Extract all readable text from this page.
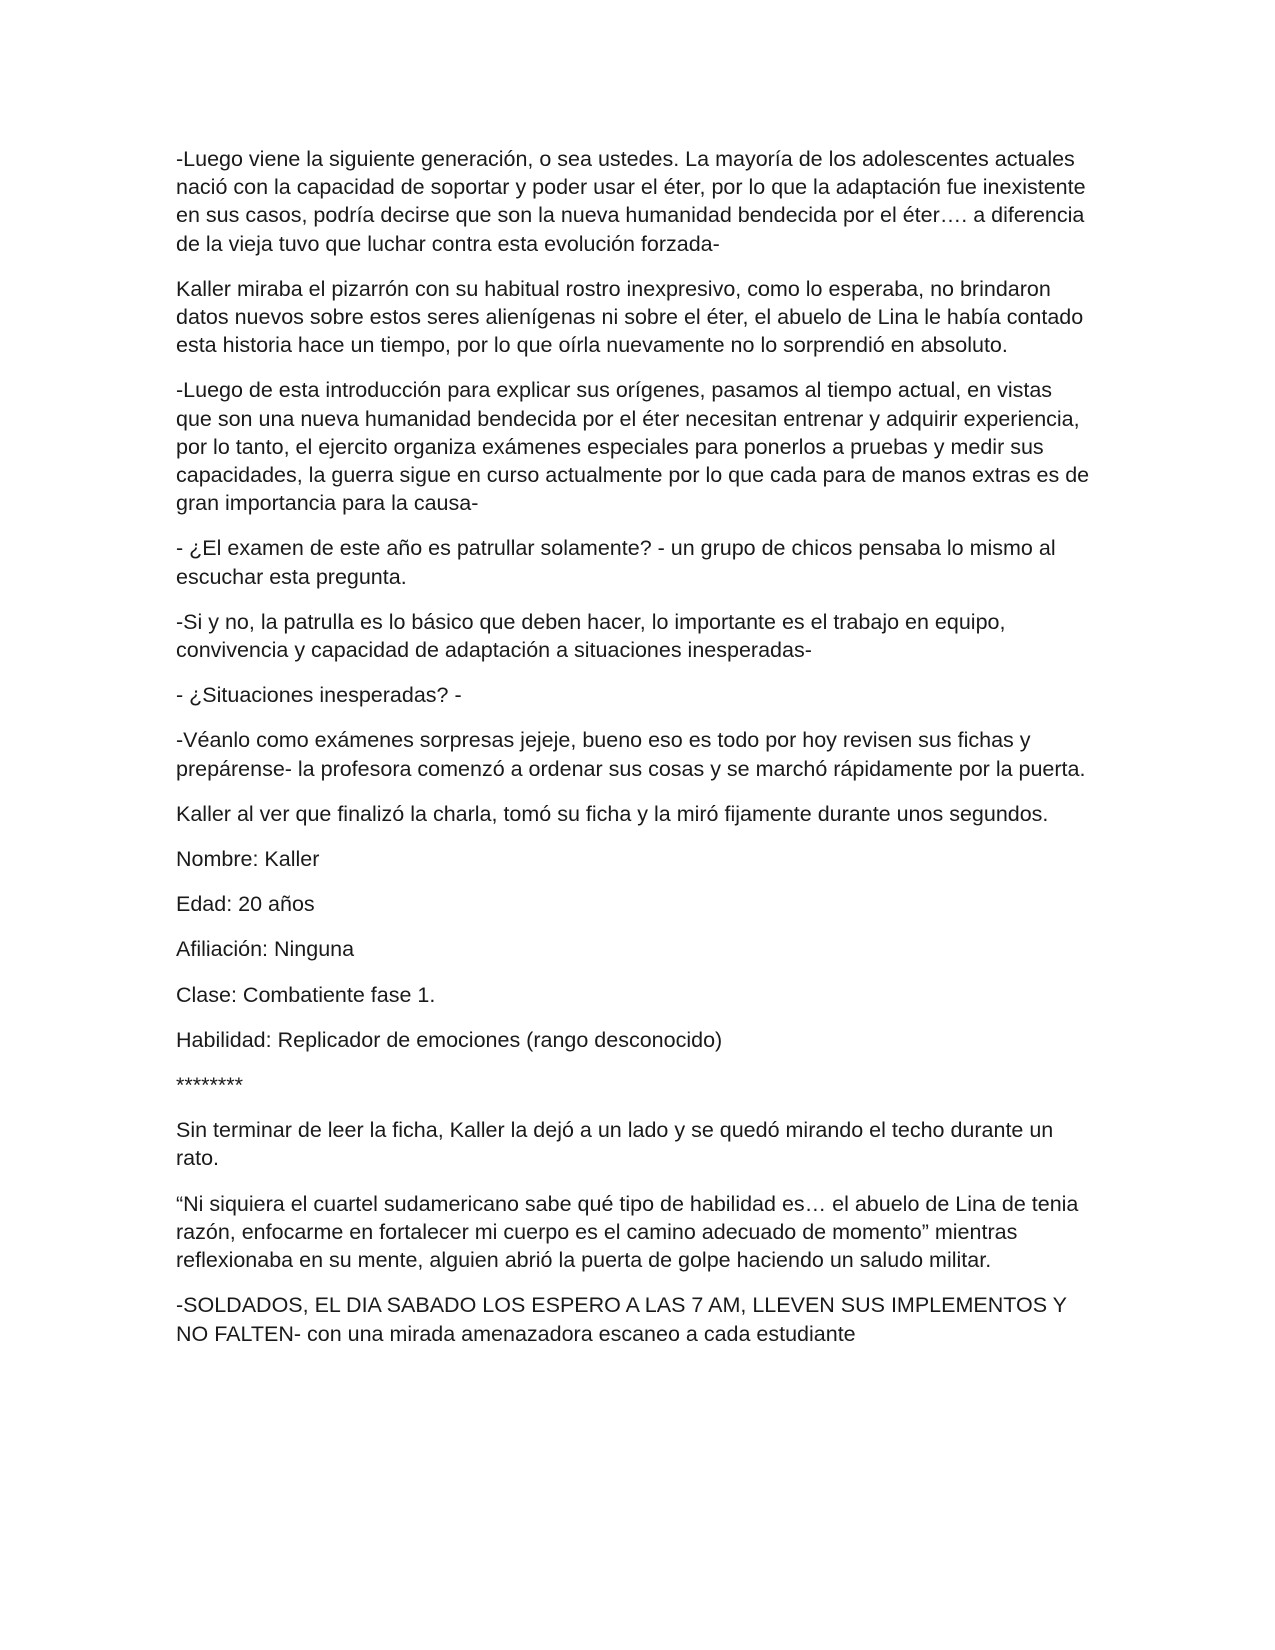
-Luego viene la siguiente generación, o sea ustedes. La mayoría de los adolescentes actuales nació con la capacidad de soportar y poder usar el éter, por lo que la adaptación fue inexistente en sus casos, podría decirse que son la nueva humanidad bendecida por el éter…. a diferencia de la vieja tuvo que luchar contra esta evolución forzada-

Kaller miraba el pizarrón con su habitual rostro inexpresivo, como lo esperaba, no brindaron datos nuevos sobre estos seres alienígenas ni sobre el éter, el abuelo de Lina le había contado esta historia hace un tiempo, por lo que oírla nuevamente no lo sorprendió en absoluto.

-Luego de esta introducción para explicar sus orígenes, pasamos al tiempo actual, en vistas que son una nueva humanidad bendecida por el éter necesitan entrenar y adquirir experiencia, por lo tanto, el ejercito organiza exámenes especiales para ponerlos a pruebas y medir sus capacidades, la guerra sigue en curso actualmente por lo que cada para de manos extras es de gran importancia para la causa-

- ¿El examen de este año es patrullar solamente? - un grupo de chicos pensaba lo mismo al escuchar esta pregunta.

-Si y no, la patrulla es lo básico que deben hacer, lo importante es el trabajo en equipo, convivencia y capacidad de adaptación a situaciones inesperadas-

- ¿Situaciones inesperadas? -

-Véanlo como exámenes sorpresas jejeje, bueno eso es todo por hoy revisen sus fichas y prepárense- la profesora comenzó a ordenar sus cosas y se marchó rápidamente por la puerta.

Kaller al ver que finalizó la charla, tomó su ficha y la miró fijamente durante unos segundos.

Nombre: Kaller

Edad: 20 años

Afiliación: Ninguna

Clase: Combatiente fase 1.

Habilidad: Replicador de emociones (rango desconocido)

********

Sin terminar de leer la ficha, Kaller la dejó a un lado y se quedó mirando el techo durante un rato.

“Ni siquiera el cuartel sudamericano sabe qué tipo de habilidad es… el abuelo de Lina de tenia razón, enfocarme en fortalecer mi cuerpo es el camino adecuado de momento” mientras reflexionaba en su mente, alguien abrió la puerta de golpe haciendo un saludo militar.

-SOLDADOS, EL DIA SABADO LOS ESPERO A LAS 7 AM, LLEVEN SUS IMPLEMENTOS Y NO FALTEN- con una mirada amenazadora escaneo a cada estudiante
